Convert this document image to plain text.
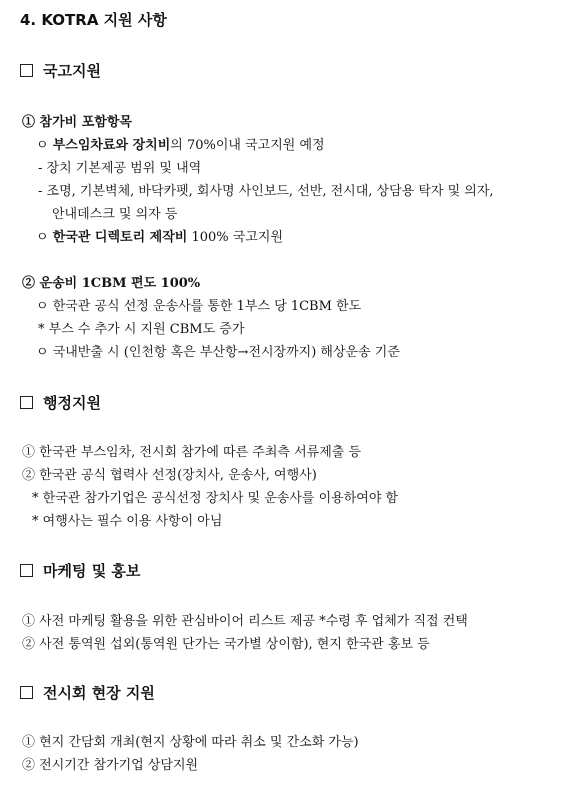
4. KOTRA 지원 사항
국고지원
① 참가비 포함항목
ㅇ 부스임차료와 장치비의 70%이내 국고지원 예정
- 장치 기본제공 범위 및 내역
- 조명, 기본벽체, 바닥카펫, 회사명 사인보드, 선반, 전시대, 상담용 탁자 및 의자,
안내데스크 및 의자 등
ㅇ 한국관 디렉토리 제작비 100% 국고지원
② 운송비 1CBM 편도 100%
ㅇ 한국관 공식 선정 운송사를 통한 1부스 당 1CBM 한도
* 부스 수 추가 시 지원 CBM도 증가
ㅇ 국내반출 시 (인천항 혹은 부산항→전시장까지) 해상운송 기준
행정지원
① 한국관 부스임차, 전시회 참가에 따른 주최측 서류제출 등
② 한국관 공식 협력사 선정(장치사, 운송사, 여행사)
* 한국관 참가기업은 공식선정 장치사 및 운송사를 이용하여야 함
* 여행사는 필수 이용 사항이 아님
마케팅 및 홍보
① 사전 마케팅 활용을 위한 관심바이어 리스트 제공 *수령 후 업체가 직접 컨택
② 사전 통역원 섭외(통역원 단가는 국가별 상이함), 현지 한국관 홍보 등
전시회 현장 지원
① 현지 간담회 개최(현지 상황에 따라 취소 및 간소화 가능)
② 전시기간 참가기업 상담지원
